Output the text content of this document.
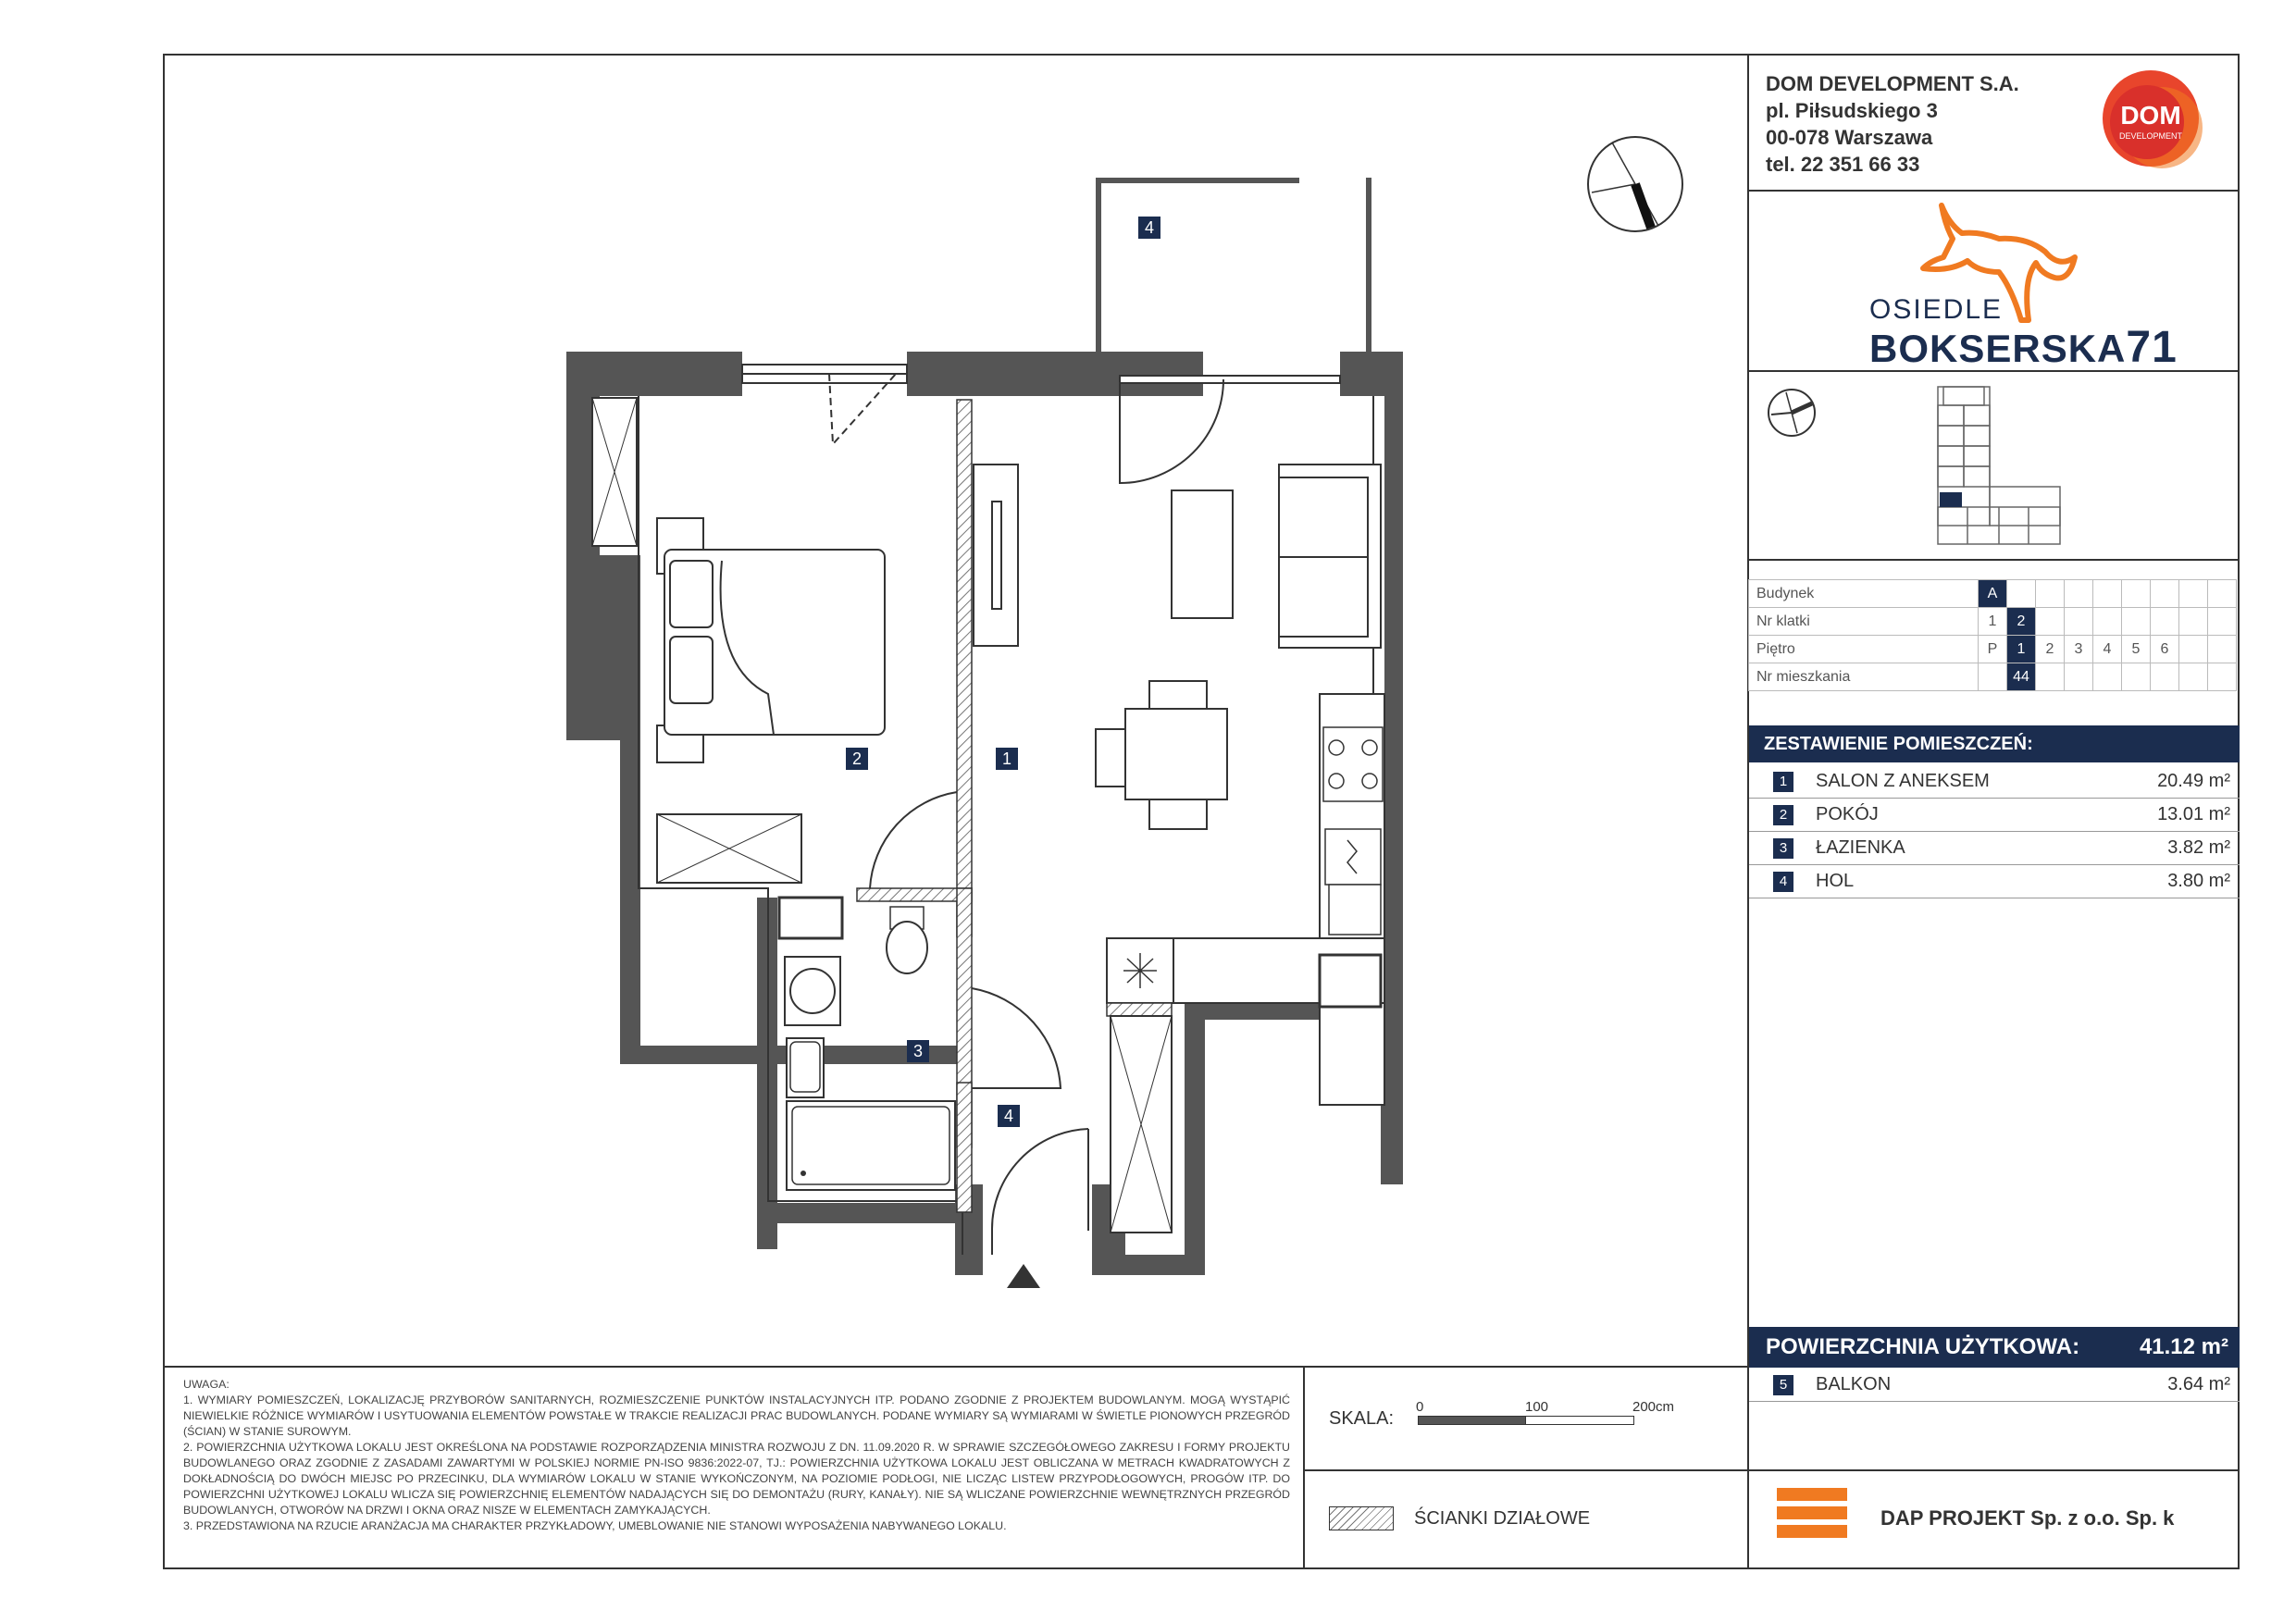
DOM DEVELOPMENT S.A.
pl. Piłsudskiego 3
00-078 Warszawa
tel. 22 351 66 33
DOM
DEVELOPMENT
OSIEDLE
BOKSERSKA71
Budynek	A								
Nr klatki	1	2							
Piętro	P	1	2	3	4	5	6		
Nr mieszkania		44							
ZESTAWIENIE POMIESZCZEŃ:
1	SALON Z ANEKSEM	20.49 m²
2	POKÓJ	13.01 m²
3	ŁAZIENKA	3.82 m²
4	HOL	3.80 m²
POWIERZCHNIA UŻYTKOWA:	41.12 m²
5	BALKON	3.64 m²
DAP PROJEKT Sp. z o.o. Sp. k

UWAGA:

1. WYMIARY POMIESZCZEŃ, LOKALIZACJĘ PRZYBORÓW SANITARNYCH, ROZMIESZCZENIE PUNKTÓW INSTALACYJNYCH ITP. PODANO ZGODNIE Z PROJEKTEM BUDOWLANYM. MOGĄ WYSTĄPIĆ NIEWIELKIE RÓŻNICE WYMIARÓW I USYTUOWANIA ELEMENTÓW POWSTAŁE W TRAKCIE REALIZACJI PRAC BUDOWLANYCH. PODANE WYMIARY SĄ WYMIARAMI W ŚWIETLE PIONOWYCH PRZEGRÓD (ŚCIAN) W STANIE SUROWYM.

2. POWIERZCHNIA UŻYTKOWA LOKALU JEST OKREŚLONA NA PODSTAWIE ROZPORZĄDZENIA MINISTRA ROZWOJU Z DN. 11.09.2020 R. W SPRAWIE SZCZEGÓŁOWEGO ZAKRESU I FORMY PROJEKTU BUDOWLANEGO ORAZ ZGODNIE Z ZASADAMI ZAWARTYMI W POLSKIEJ NORMIE PN-ISO 9836:2022-07, TJ.: POWIERZCHNIA UŻYTKOWA LOKALU JEST OBLICZANA W METRACH KWADRATOWYCH Z DOKŁADNOŚCIĄ DO DWÓCH MIEJSC PO PRZECINKU, DLA WYMIARÓW LOKALU W STANIE WYKOŃCZONYM, NA POZIOMIE PODŁOGI, NIE LICZĄC LISTEW PRZYPODŁOGOWYCH, PROGÓW ITP. DO POWIERZCHNI UŻYTKOWEJ LOKALU WLICZA SIĘ POWIERZCHNIĘ ELEMENTÓW NADAJĄCYCH SIĘ DO DEMONTAŻU (RURY, KANAŁY). NIE SĄ WLICZANE POWIERZCHNIE WEWNĘTRZNYCH PRZEGRÓD BUDOWLANYCH, OTWORÓW NA DRZWI I OKNA ORAZ NISZE W ELEMENTACH ZAMYKAJĄCYCH.

3. PRZEDSTAWIONA NA RZUCIE ARANŻACJA MA CHARAKTER PRZYKŁADOWY, UMEBLOWANIE NIE STANOWI WYPOSAŻENIA NABYWANEGO LOKALU.

SKALA:
0	100	200cm
ŚCIANKI DZIAŁOWE
4
1
2
3
4
